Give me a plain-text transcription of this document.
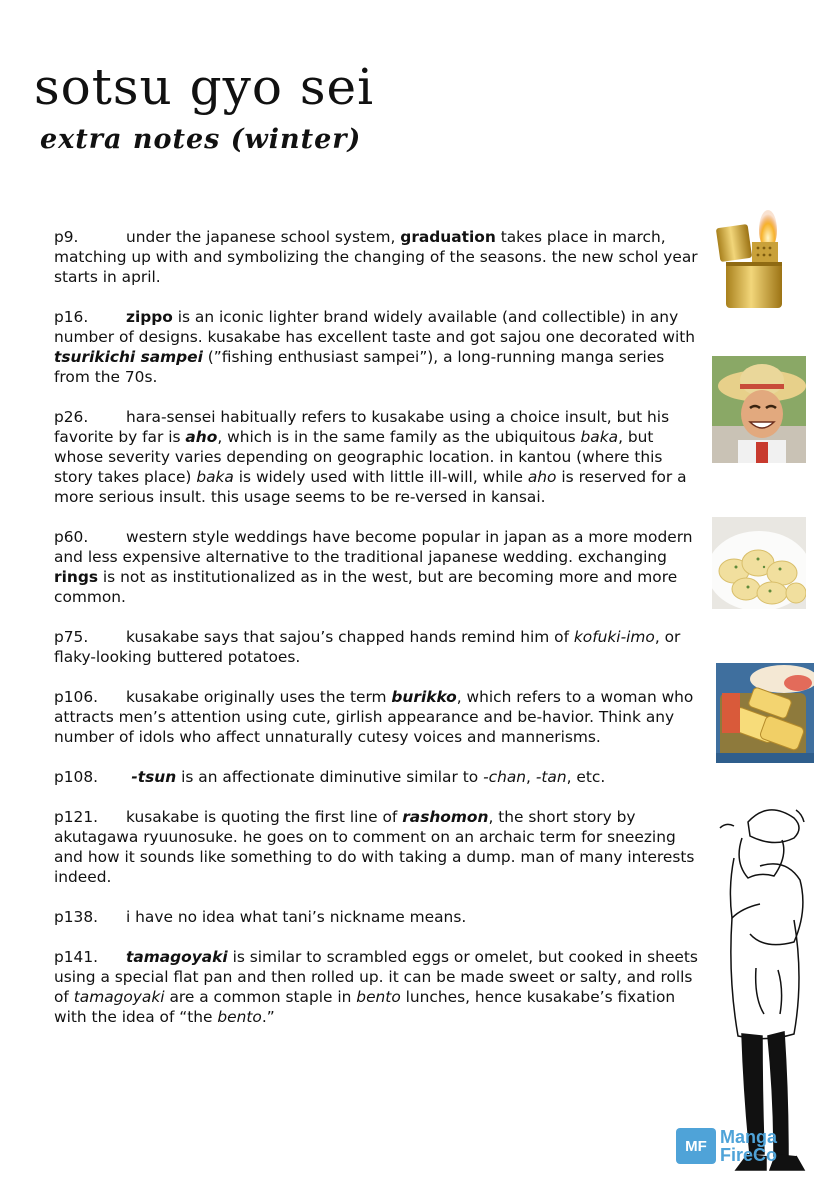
sotsu gyo sei
extra notes (winter)

p9.	under the japanese school system, graduation takes place in march, matching up with and symbolizing the changing of the seasons. the new schol year starts in april.

p16. zippo is an iconic lighter brand widely available (and collectible) in any number of designs. kusakabe has excellent taste and got sajou one decorated with tsurikichi sampei (”fishing enthusiast sampei”), a long-running manga series from the 70s.

p26. hara-sensei habitually refers to kusakabe using a choice insult, but his favorite by far is aho, which is in the same family as the ubiquitous baka, but whose severity varies depending on geographic location. in kantou (where this story takes place) baka is widely used with little ill-will, while aho is reserved for a more serious insult. this usage seems to be re-versed in kansai.

p60. western style weddings have become popular in japan as a more modern and less expensive alternative to the traditional japanese wedding. exchanging rings is not as institutionalized as in the west, but are becoming more and more common.

p75. kusakabe says that sajou’s chapped hands remind him of kofuki-imo, or flaky-looking buttered potatoes.

p106. kusakabe originally uses the term burikko, which refers to a woman who attracts men’s attention using cute, girlish appearance and be-havior. Think any number of idols who affect unnaturally cutesy voices and mannerisms.

p108. -tsun is an affectionate diminutive similar to -chan, -tan, etc.

p121. kusakabe is quoting the first line of rashomon, the short story by akutagawa ryuunosuke. he goes on to comment on an archaic term for sneezing and how it sounds like something to do with taking a dump. man of many interests indeed.

p138. i have no idea what tani’s nickname means.

p141. tamagoyaki is similar to scrambled eggs or omelet, but cooked in sheets using a special flat pan and then rolled up. it can be made sweet or salty, and rolls of tamagoyaki are a common staple in bento lunches, hence kusakabe’s fixation with the idea of “the bento.”

MF Manga
FireCo
